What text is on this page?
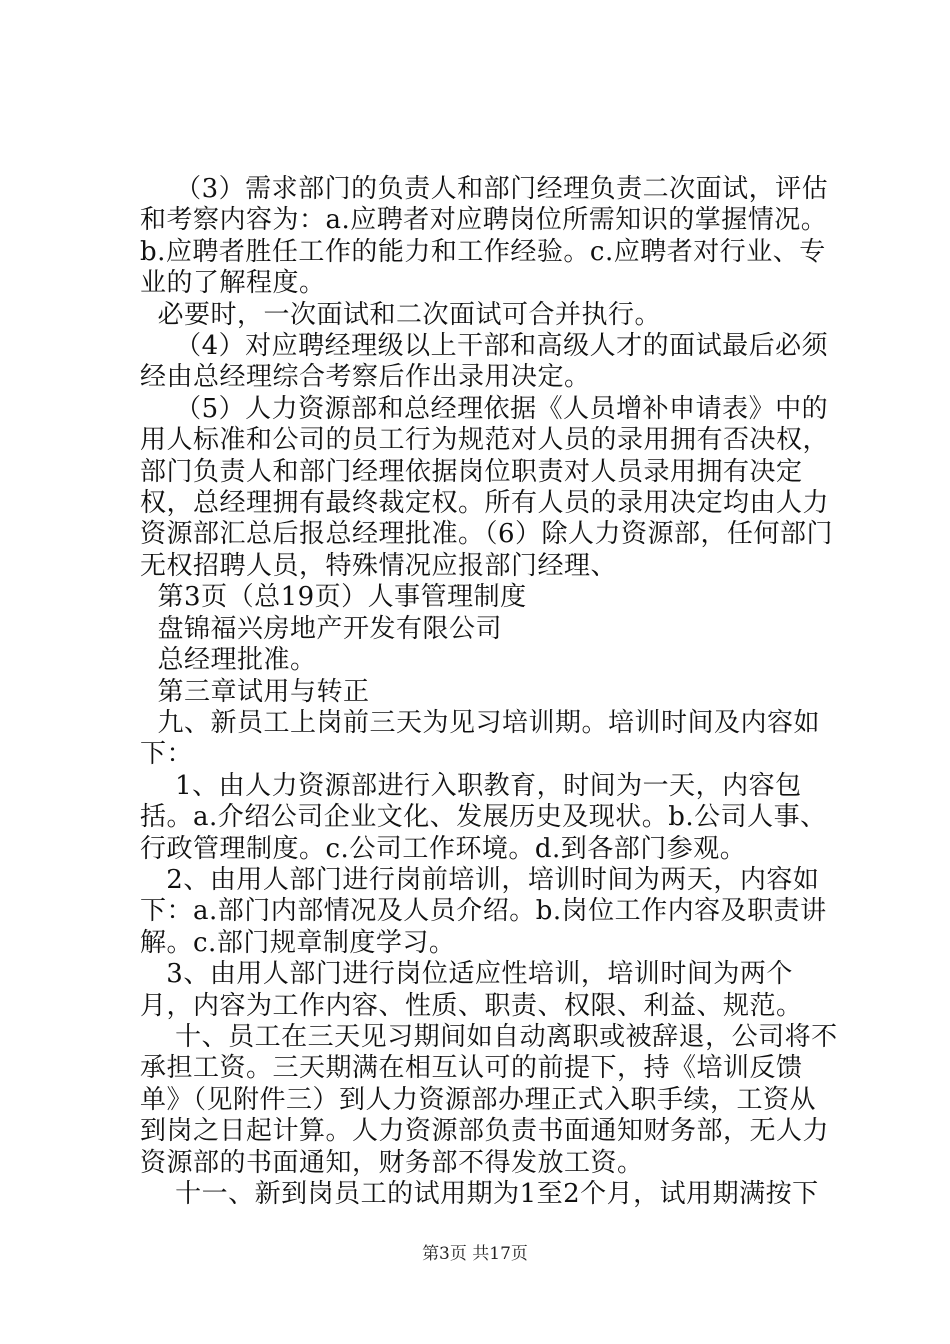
（3）需求部门的负责人和部门经理负责二次面试，评估和考察内容为：a.应聘者对应聘岗位所需知识的掌握情况。b.应聘者胜任工作的能力和工作经验。c.应聘者对行业、专业的了解程度。

必要时，一次面试和二次面试可合并执行。

（4）对应聘经理级以上干部和高级人才的面试最后必须经由总经理综合考察后作出录用决定。

（5）人力资源部和总经理依据《人员增补申请表》中的用人标准和公司的员工行为规范对人员的录用拥有否决权，部门负责人和部门经理依据岗位职责对人员录用拥有决定权，总经理拥有最终裁定权。所有人员的录用决定均由人力资源部汇总后报总经理批准。（6）除人力资源部，任何部门无权招聘人员，特殊情况应报部门经理、

第3页（总19页）人事管理制度

盘锦福兴房地产开发有限公司

总经理批准。

第三章试用与转正

九、新员工上岗前三天为见习培训期。培训时间及内容如下：

1、由人力资源部进行入职教育，时间为一天，内容包括。a.介绍公司企业文化、发展历史及现状。b.公司人事、行政管理制度。c.公司工作环境。d.到各部门参观。

2、由用人部门进行岗前培训，培训时间为两天，内容如下：a.部门内部情况及人员介绍。b.岗位工作内容及职责讲解。c.部门规章制度学习。

3、由用人部门进行岗位适应性培训，培训时间为两个月，内容为工作内容、性质、职责、权限、利益、规范。

十、员工在三天见习期间如自动离职或被辞退，公司将不承担工资。三天期满在相互认可的前提下，持《培训反馈单》（见附件三）到人力资源部办理正式入职手续，工资从到岗之日起计算。人力资源部负责书面通知财务部，无人力资源部的书面通知，财务部不得发放工资。

十一、新到岗员工的试用期为1至2个月，试用期满按下

第3页 共17页
